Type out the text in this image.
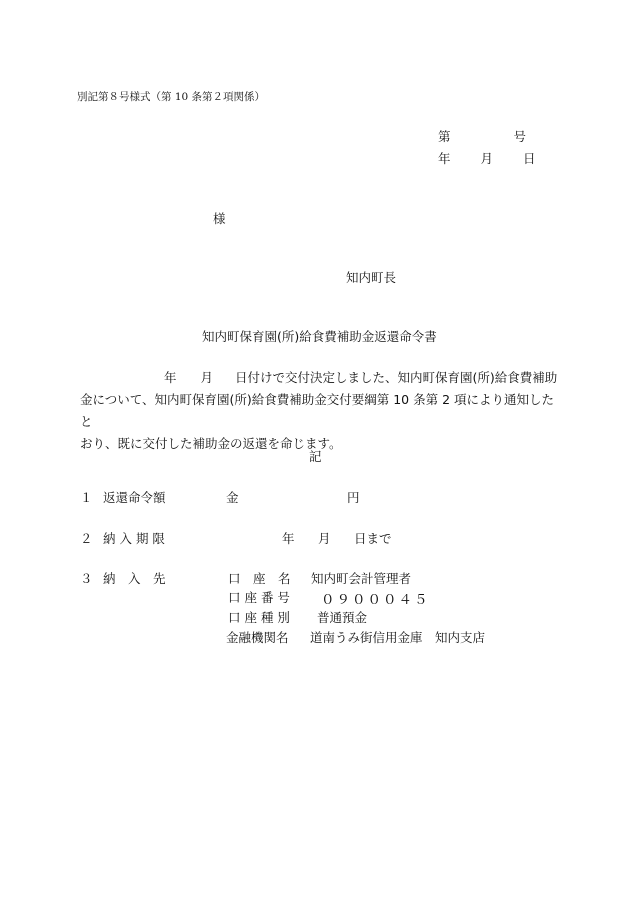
別記第８号様式（第 10 条第２項関係）
第	号
年 月 日
様
知内町長
知内町保育園(所)給食費補助金返還命令書
年 月 日付けで交付決定しました、知内町保育園(所)給食費補助
金について、知内町保育園(所)給食費補助金交付要綱第 10 条第 2 項により通知したと
おり、既に交付した補助金の返還を命じます。
記
１ 返還命令額	金	円
２ 納 入 期 限	年 月 日まで
３ 納　入　先	口　座　名 知内町会計管理者
口 座 番 号 ０９０００４５
口 座 種 別 普通預金
金融機関名 道南うみ街信用金庫　知内支店
